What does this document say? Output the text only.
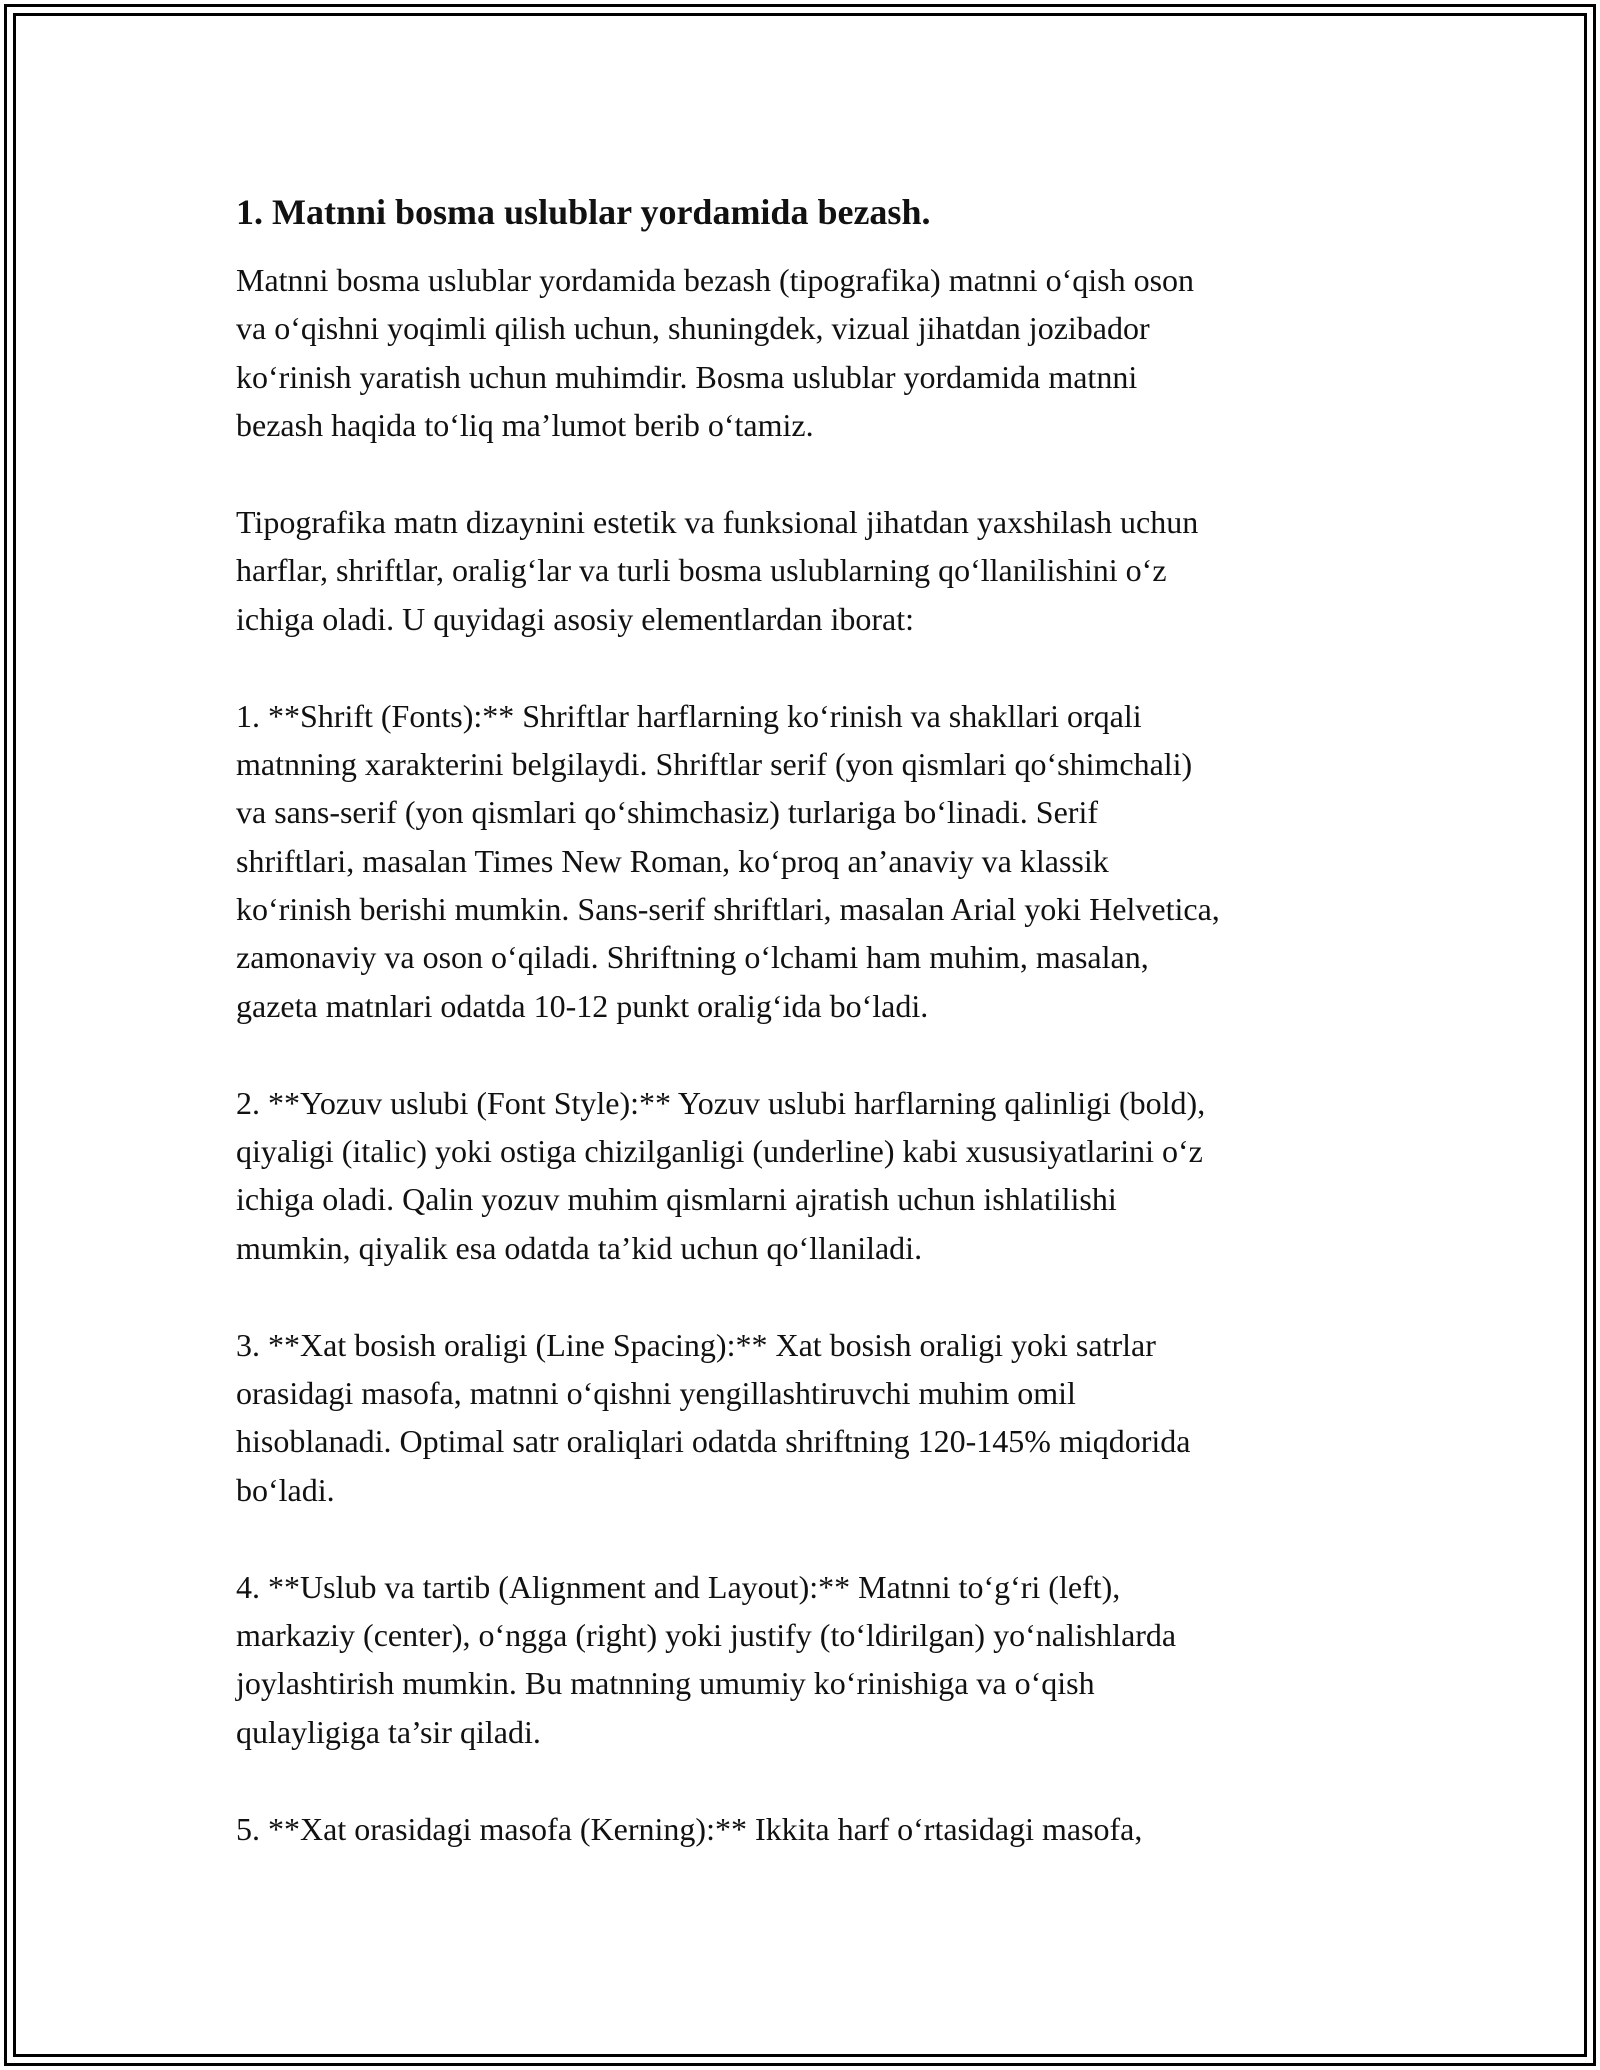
1. Matnni bosma uslublar yordamida bezash.
Matnni bosma uslublar yordamida bezash (tipografika) matnni o‘qish oson
va o‘qishni yoqimli qilish uchun, shuningdek, vizual jihatdan jozibador
ko‘rinish yaratish uchun muhimdir. Bosma uslublar yordamida matnni
bezash haqida to‘liq ma’lumot berib o‘tamiz.
Tipografika matn dizaynini estetik va funksional jihatdan yaxshilash uchun
harflar, shriftlar, oralig‘lar va turli bosma uslublarning qo‘llanilishini o‘z
ichiga oladi. U quyidagi asosiy elementlardan iborat:
1. **Shrift (Fonts):** Shriftlar harflarning ko‘rinish va shakllari orqali
matnning xarakterini belgilaydi. Shriftlar serif (yon qismlari qo‘shimchali)
va sans-serif (yon qismlari qo‘shimchasiz) turlariga bo‘linadi. Serif
shriftlari, masalan Times New Roman, ko‘proq an’anaviy va klassik
ko‘rinish berishi mumkin. Sans-serif shriftlari, masalan Arial yoki Helvetica,
zamonaviy va oson o‘qiladi. Shriftning o‘lchami ham muhim, masalan,
gazeta matnlari odatda 10-12 punkt oralig‘ida bo‘ladi.
2. **Yozuv uslubi (Font Style):** Yozuv uslubi harflarning qalinligi (bold),
qiyaligi (italic) yoki ostiga chizilganligi (underline) kabi xususiyatlarini o‘z
ichiga oladi. Qalin yozuv muhim qismlarni ajratish uchun ishlatilishi
mumkin, qiyalik esa odatda ta’kid uchun qo‘llaniladi.
3. **Xat bosish oraligi (Line Spacing):** Xat bosish oraligi yoki satrlar
orasidagi masofa, matnni o‘qishni yengillashtiruvchi muhim omil
hisoblanadi. Optimal satr oraliqlari odatda shriftning 120-145% miqdorida
bo‘ladi.
4. **Uslub va tartib (Alignment and Layout):** Matnni to‘g‘ri (left),
markaziy (center), o‘ngga (right) yoki justify (to‘ldirilgan) yo‘nalishlarda
joylashtirish mumkin. Bu matnning umumiy ko‘rinishiga va o‘qish
qulayligiga ta’sir qiladi.
5. **Xat orasidagi masofa (Kerning):** Ikkita harf o‘rtasidagi masofa,
